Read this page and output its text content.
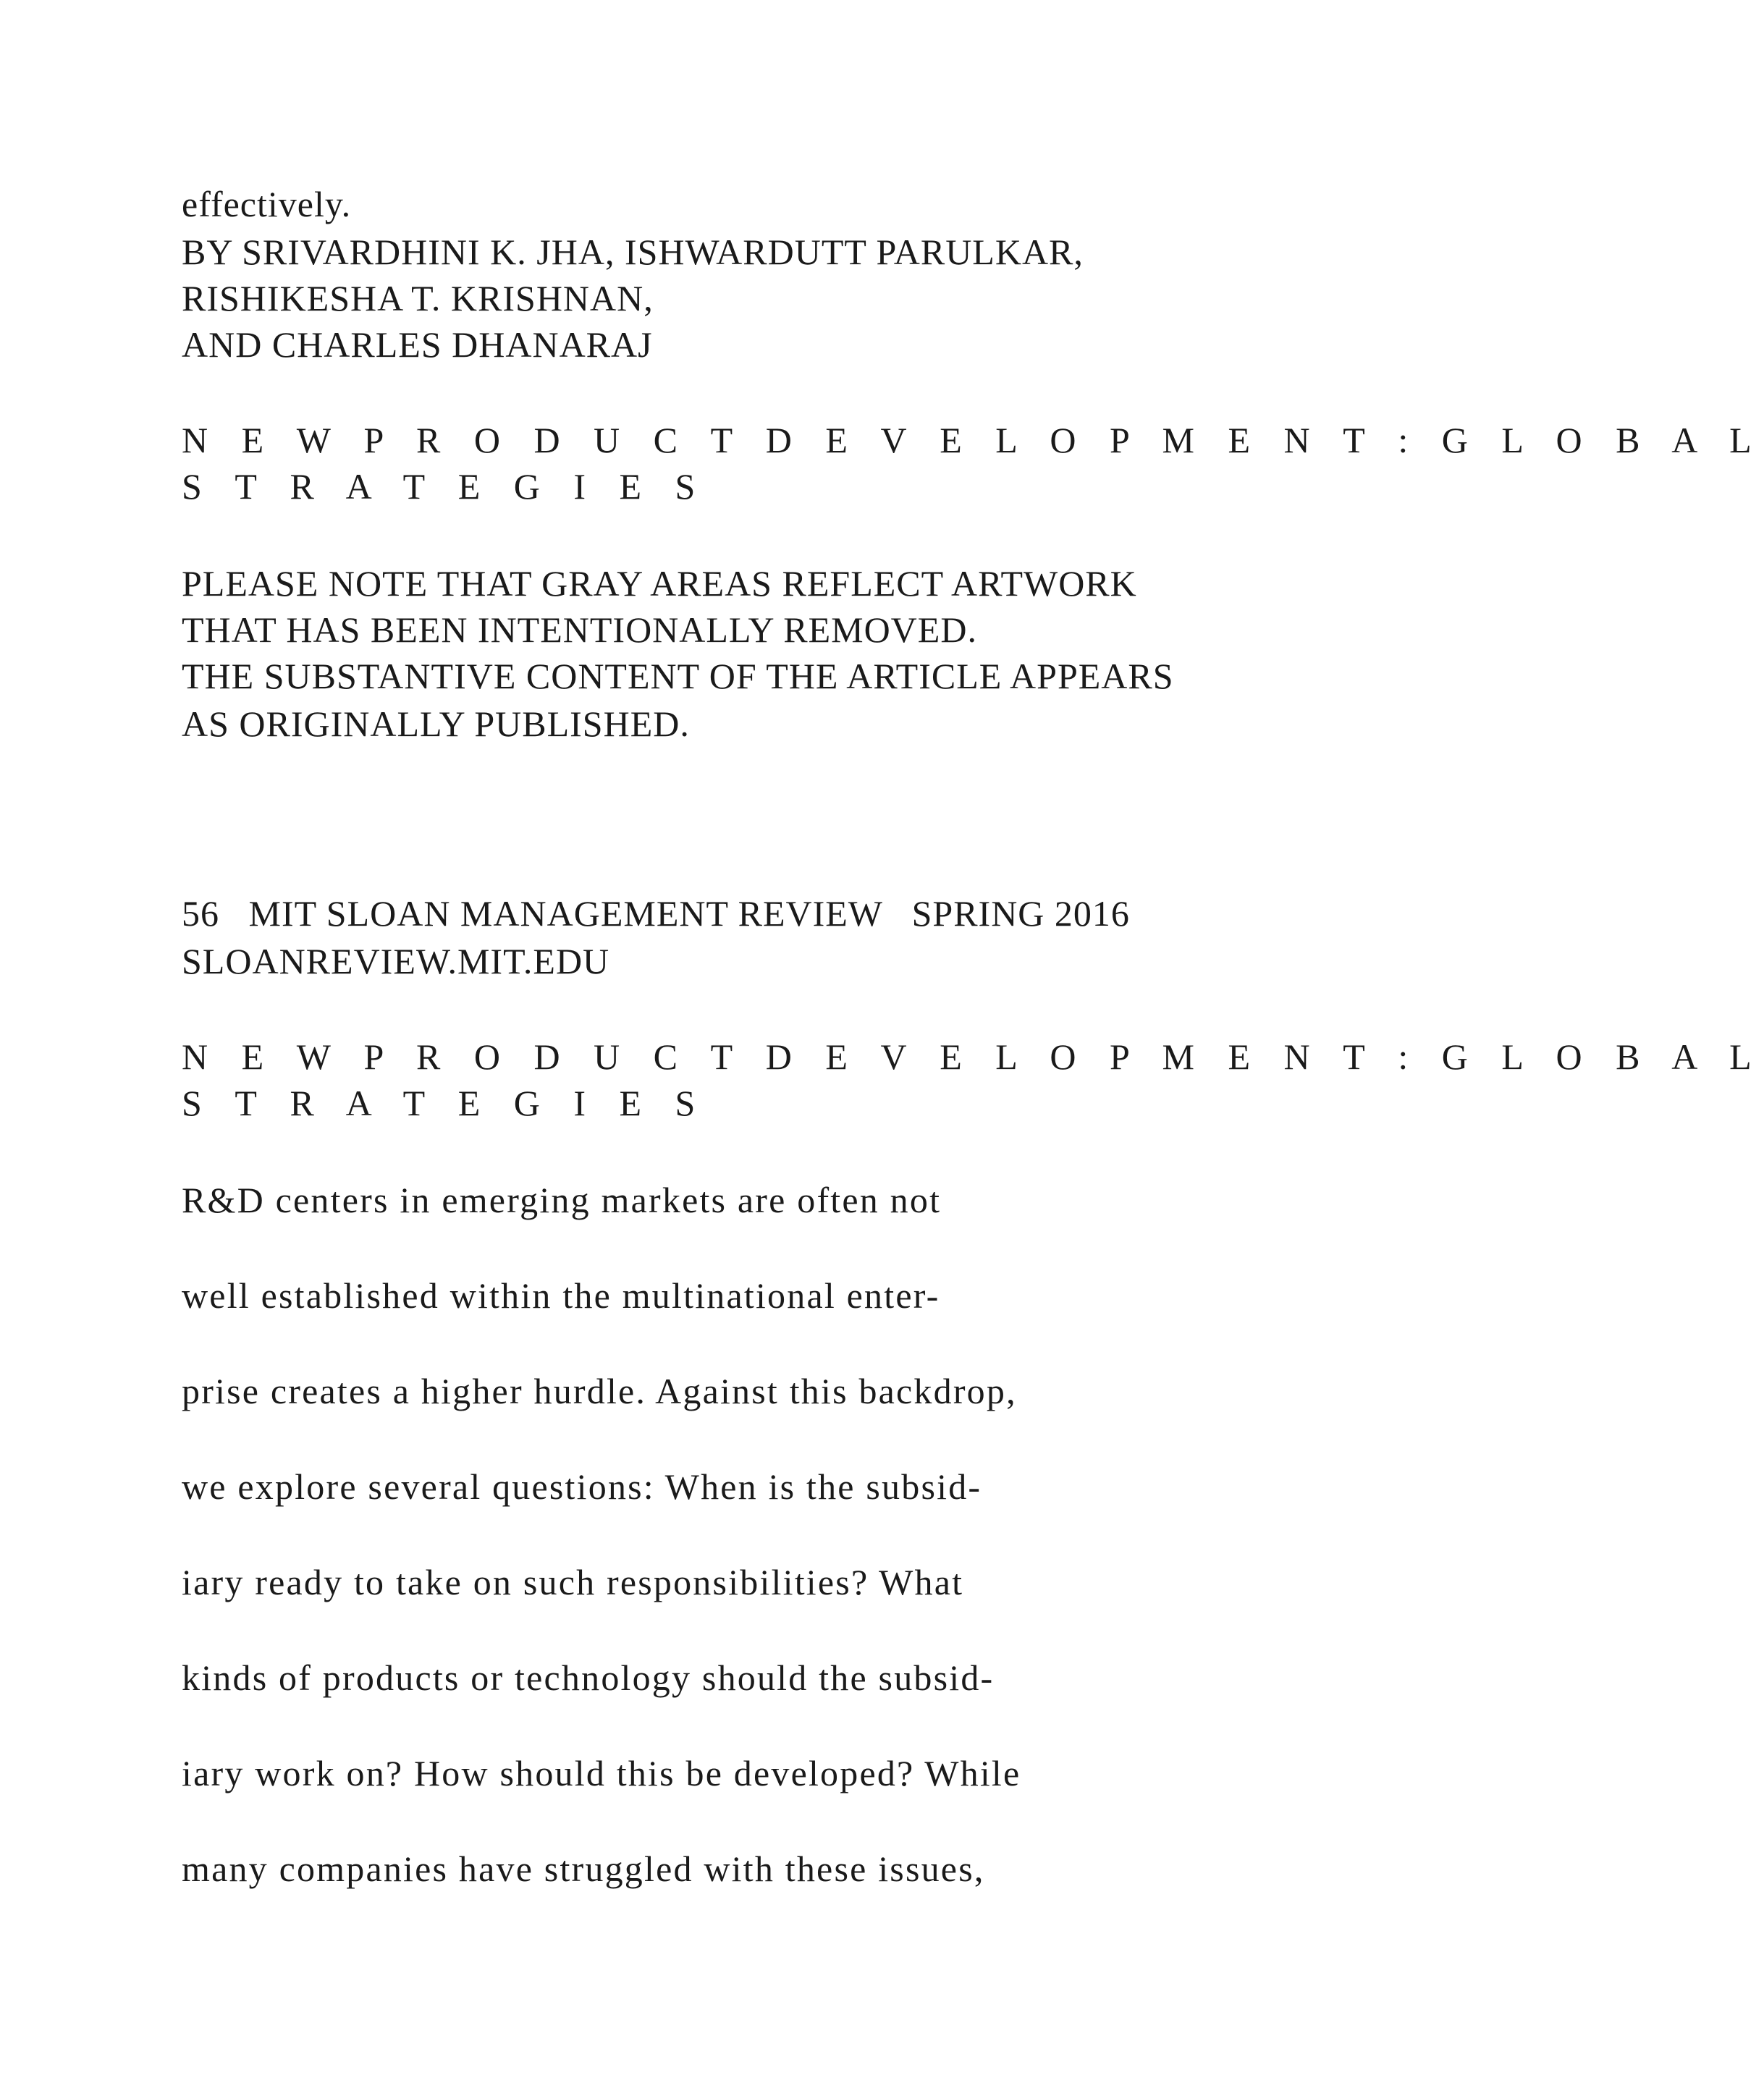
effectively.

BY SRIVARDHINI K. JHA, ISHWARDUTT PARULKAR,

RISHIKESHA T. KRISHNAN,

AND CHARLES DHANARAJ

N E W P R O D U C T D E V E L O P M E N T : G L O B A L

S T R A T E G I E S

PLEASE NOTE THAT GRAY AREAS REFLECT ARTWORK

THAT HAS BEEN INTENTIONALLY REMOVED.

THE SUBSTANTIVE CONTENT OF THE ARTICLE APPEARS

AS ORIGINALLY PUBLISHED.

56   MIT SLOAN MANAGEMENT REVIEW   SPRING 2016

SLOANREVIEW.MIT.EDU

N E W P R O D U C T D E V E L O P M E N T : G L O B A L

S T R A T E G I E S

R&D centers in emerging markets are often not

well established within the multinational enter-

prise creates a higher hurdle. Against this backdrop,

we explore several questions: When is the subsid-

iary ready to take on such responsibilities? What

kinds of products or technology should the subsid-

iary work on? How should this be developed? While

many companies have struggled with these issues,
